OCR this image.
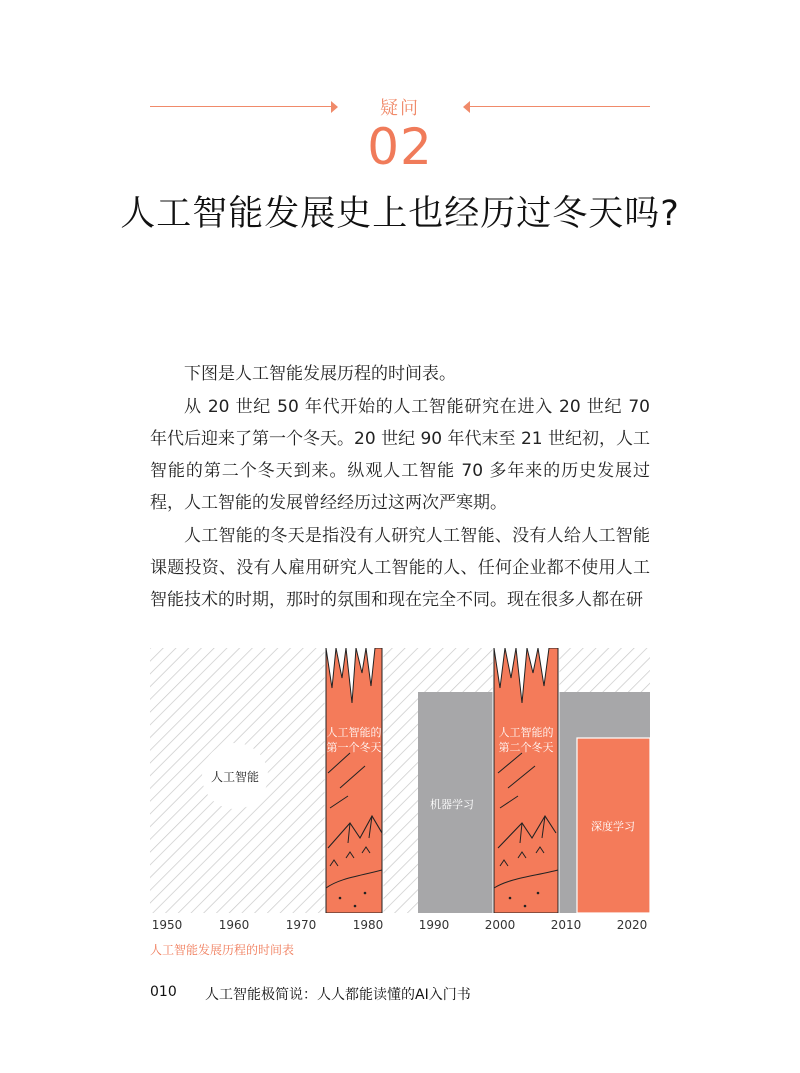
疑问
02
人工智能发展史上也经历过冬天吗?
下图是人工智能发展历程的时间表。
从 20 世纪 50 年代开始的人工智能研究在进入 20 世纪 70 年代后迎来了第一个冬天。20 世纪 90 年代末至 21 世纪初，人工智能的第二个冬天到来。纵观人工智能 70 多年来的历史发展过程，人工智能的发展曾经经历过这两次严寒期。
人工智能的冬天是指没有人研究人工智能、没有人给人工智能课题投资、没有人雇用研究人工智能的人、任何企业都不使用人工智能技术的时期，那时的氛围和现在完全不同。现在很多人都在研
人工智能
人工智能的
第一个冬天
人工智能的
第二个冬天
机器学习
深度学习
1950	1960	1970	1980	1990	2000	2010	2020
人工智能发展历程的时间表
010 人工智能极简说：人人都能读懂的AI入门书
